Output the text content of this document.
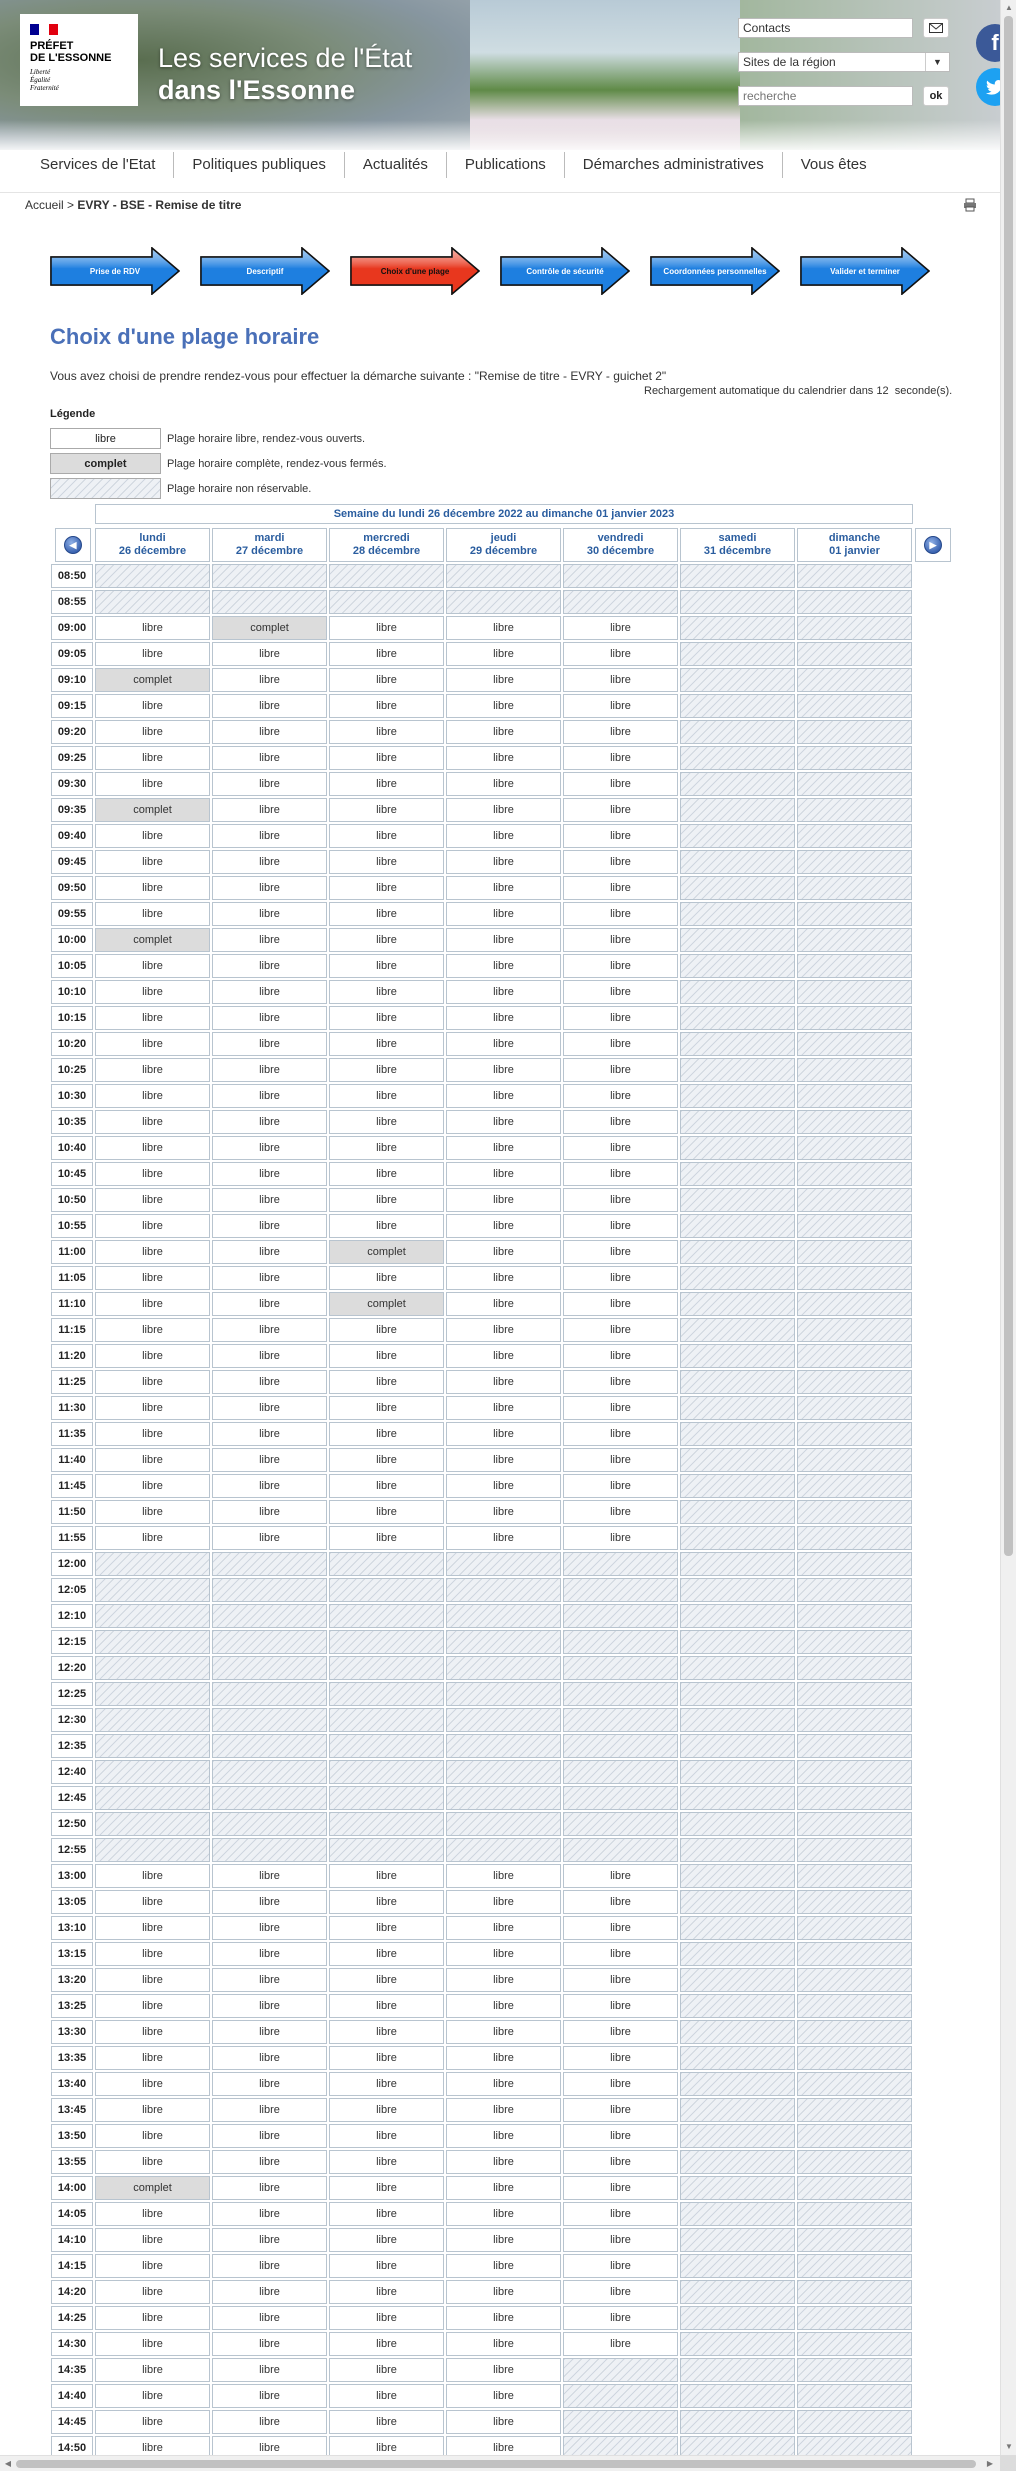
PRÉFET
DE L'ESSONNE
Liberté
Égalité
Fraternité
Les services de l'État
dans l'Essonne
Contacts
Sites de la région	▼
recherche
ok
f
Services de l'Etat	Politiques publiques	Actualités	Publications	Démarches administratives	Vous êtes
Accueil > EVRY - BSE - Remise de titre
Prise de RDV	Descriptif	Choix d'une plage	Contrôle de sécurité	Coordonnées personnelles	Valider et terminer
Choix d'une plage horaire
Vous avez choisi de prendre rendez-vous pour effectuer la démarche suivante : "Remise de titre - EVRY - guichet 2"
Rechargement automatique du calendrier dans 12 seconde(s).
Légende
libre	Plage horaire libre, rendez-vous ouverts.
complet	Plage horaire complète, rendez-vous fermés.
Plage horaire non réservable.
Semaine du lundi 26 décembre 2022 au dimanche 01 janvier 2023
◀	▶
lundi
26 décembre
mardi
27 décembre
mercredi
28 décembre
jeudi
29 décembre
vendredi
30 décembre
samedi
31 décembre
dimanche
01 janvier
08:50
08:55
09:00	libre	complet	libre	libre	libre
09:05	libre	libre	libre	libre	libre
09:10	complet	libre	libre	libre	libre
09:15	libre	libre	libre	libre	libre
09:20	libre	libre	libre	libre	libre
09:25	libre	libre	libre	libre	libre
09:30	libre	libre	libre	libre	libre
09:35	complet	libre	libre	libre	libre
09:40	libre	libre	libre	libre	libre
09:45	libre	libre	libre	libre	libre
09:50	libre	libre	libre	libre	libre
09:55	libre	libre	libre	libre	libre
10:00	complet	libre	libre	libre	libre
10:05	libre	libre	libre	libre	libre
10:10	libre	libre	libre	libre	libre
10:15	libre	libre	libre	libre	libre
10:20	libre	libre	libre	libre	libre
10:25	libre	libre	libre	libre	libre
10:30	libre	libre	libre	libre	libre
10:35	libre	libre	libre	libre	libre
10:40	libre	libre	libre	libre	libre
10:45	libre	libre	libre	libre	libre
10:50	libre	libre	libre	libre	libre
10:55	libre	libre	libre	libre	libre
11:00	libre	libre	complet	libre	libre
11:05	libre	libre	libre	libre	libre
11:10	libre	libre	complet	libre	libre
11:15	libre	libre	libre	libre	libre
11:20	libre	libre	libre	libre	libre
11:25	libre	libre	libre	libre	libre
11:30	libre	libre	libre	libre	libre
11:35	libre	libre	libre	libre	libre
11:40	libre	libre	libre	libre	libre
11:45	libre	libre	libre	libre	libre
11:50	libre	libre	libre	libre	libre
11:55	libre	libre	libre	libre	libre
12:00
12:05
12:10
12:15
12:20
12:25
12:30
12:35
12:40
12:45
12:50
12:55
13:00	libre	libre	libre	libre	libre
13:05	libre	libre	libre	libre	libre
13:10	libre	libre	libre	libre	libre
13:15	libre	libre	libre	libre	libre
13:20	libre	libre	libre	libre	libre
13:25	libre	libre	libre	libre	libre
13:30	libre	libre	libre	libre	libre
13:35	libre	libre	libre	libre	libre
13:40	libre	libre	libre	libre	libre
13:45	libre	libre	libre	libre	libre
13:50	libre	libre	libre	libre	libre
13:55	libre	libre	libre	libre	libre
14:00	complet	libre	libre	libre	libre
14:05	libre	libre	libre	libre	libre
14:10	libre	libre	libre	libre	libre
14:15	libre	libre	libre	libre	libre
14:20	libre	libre	libre	libre	libre
14:25	libre	libre	libre	libre	libre
14:30	libre	libre	libre	libre	libre
14:35	libre	libre	libre	libre
14:40	libre	libre	libre	libre
14:45	libre	libre	libre	libre
14:50	libre	libre	libre	libre
▲
▼
◀	▶
